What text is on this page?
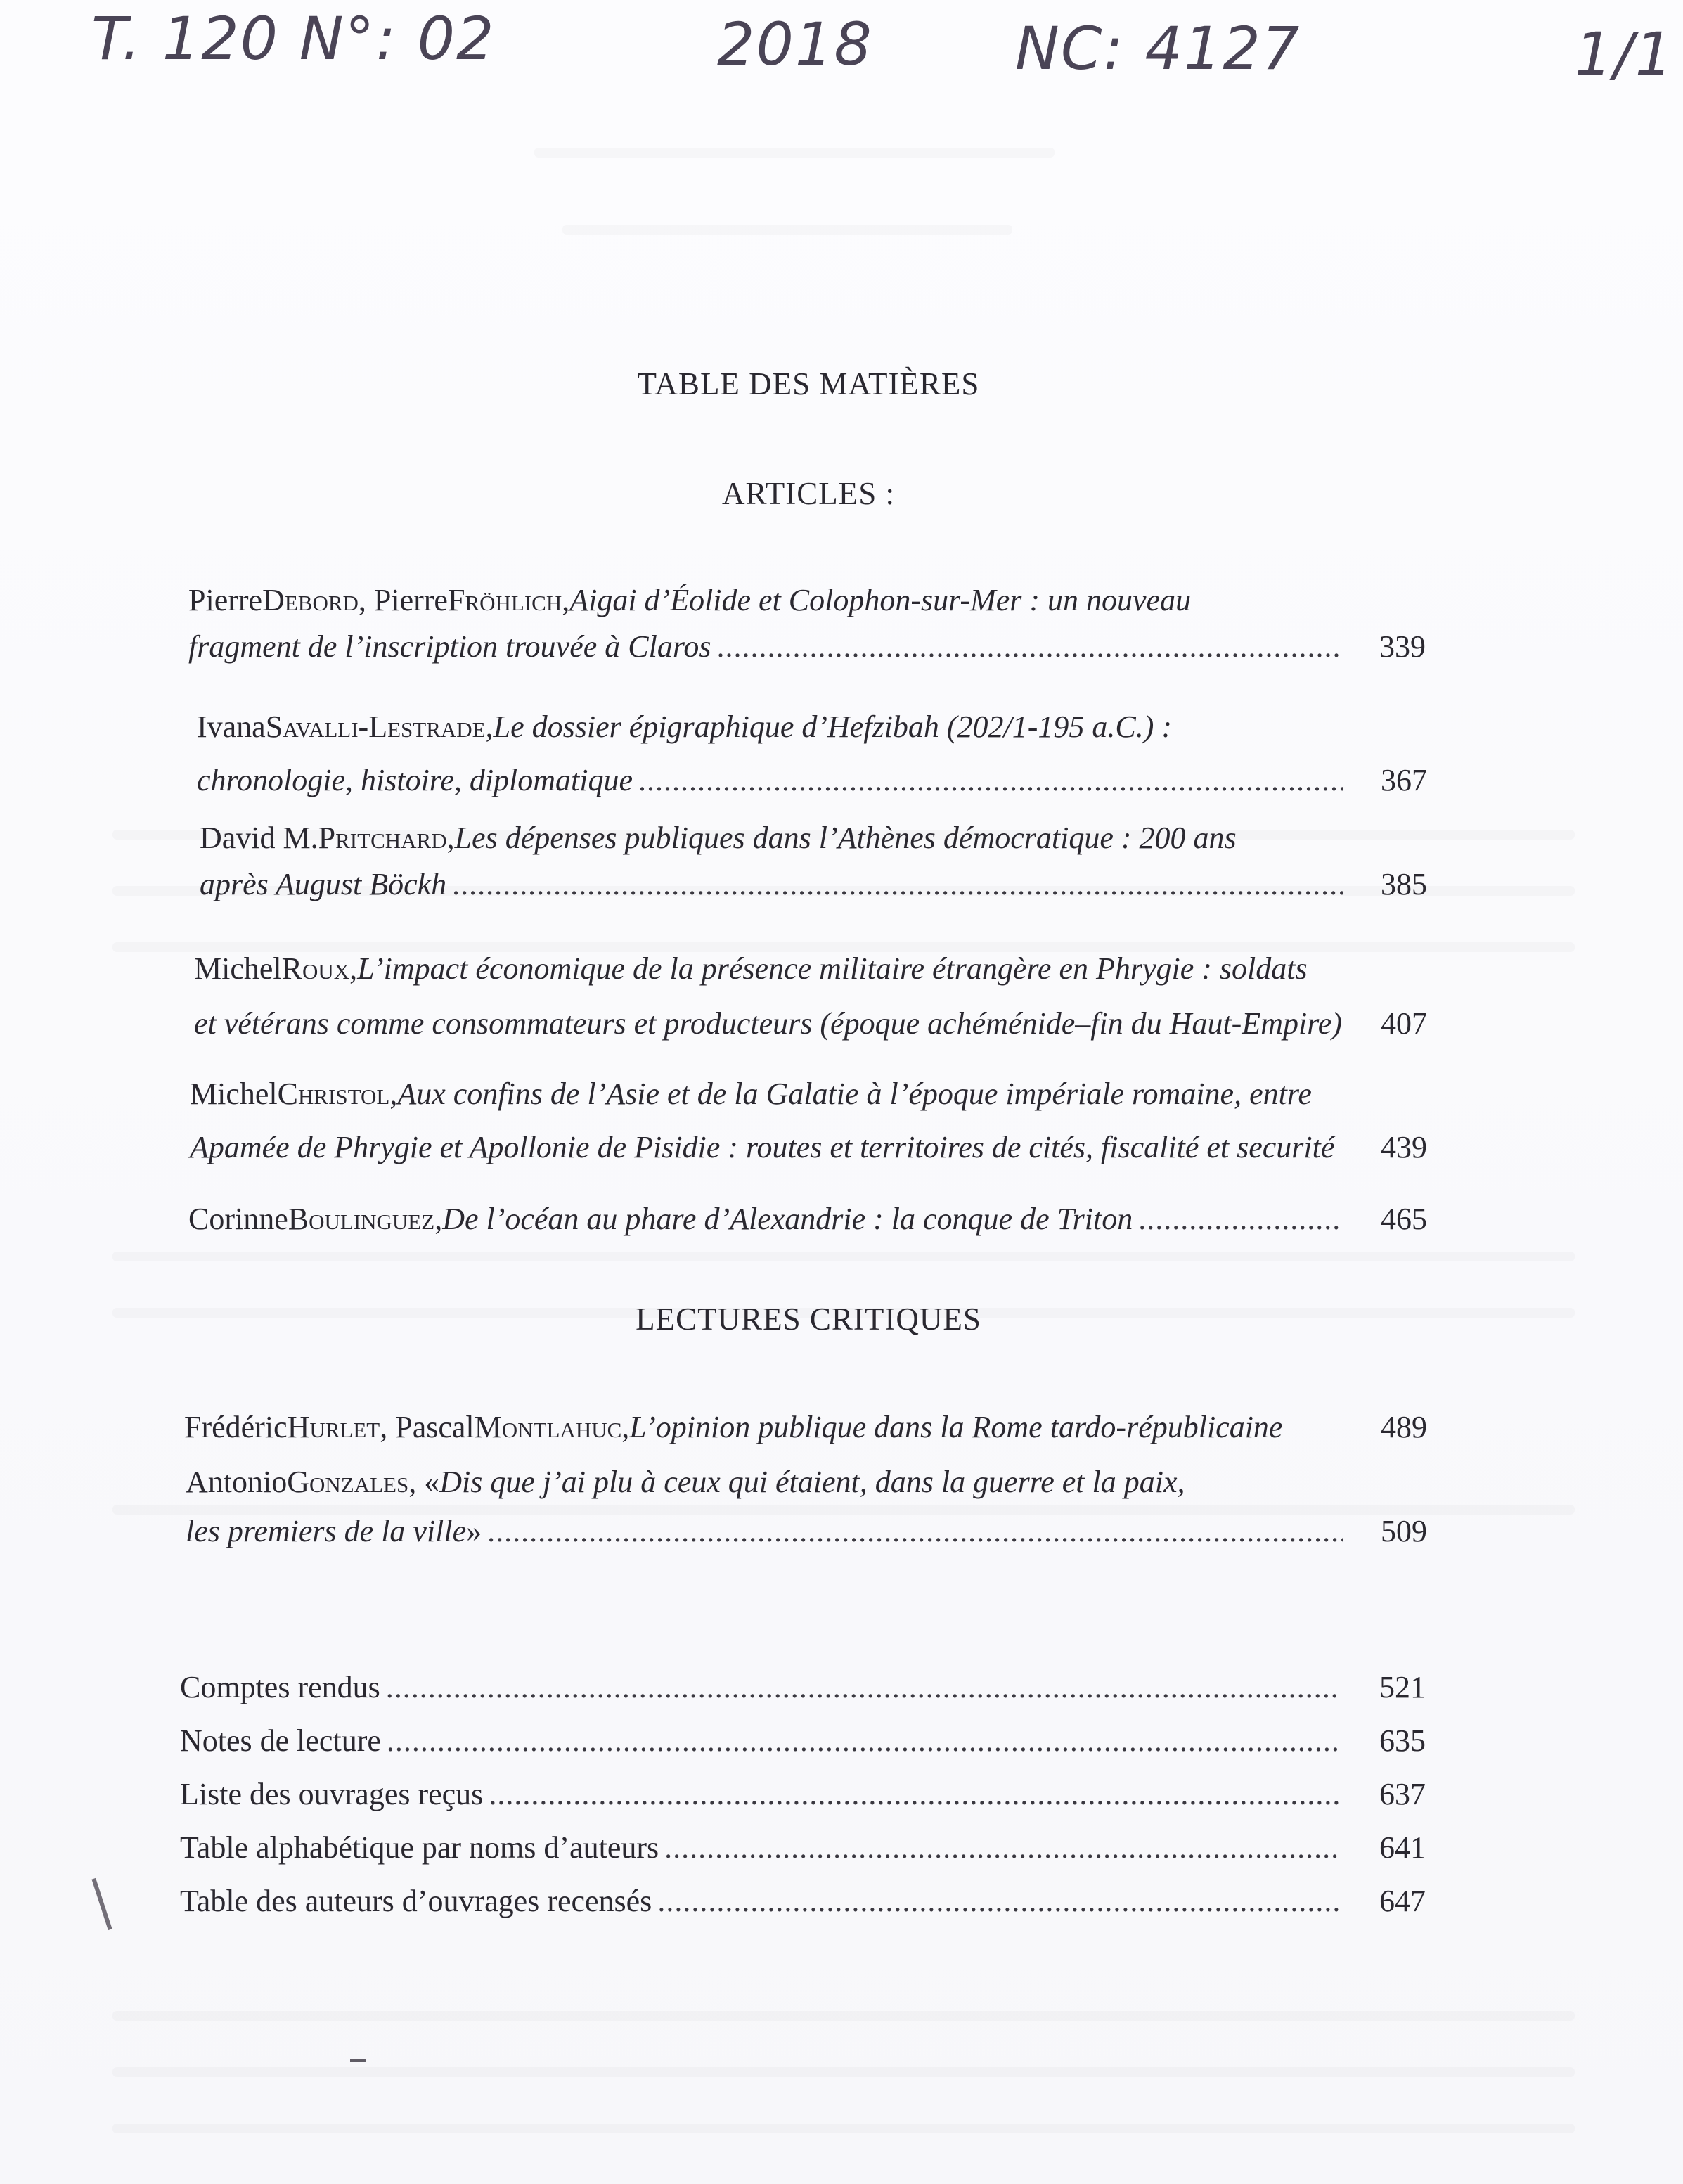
T. 120 N°: 02	2018 NC: 4127	1/1
TABLE DES MATIÈRES
ARTICLES :
LECTURES CRITIQUES
Pierre Debord , Pierre Fröhlich , Aigai d’Éolide et Colophon-sur-Mer : un nouveau
fragment de l’inscription trouvée à Claros .....	339
Ivana Savalli-Lestrade , Le dossier épigraphique d’Hefzibah (202/1-195 a.C.) :
chronologie, histoire, diplomatique .....	367
David M. Pritchard , Les dépenses publiques dans l’Athènes démocratique : 200 ans
après August Böckh .....	385
Michel Roux , L’impact économique de la présence militaire étrangère en Phrygie : soldats
et vétérans comme consommateurs et producteurs (époque achéménide–fin du Haut-Empire)	407
Michel Christol , Aux confins de l’Asie et de la Galatie à l’époque impériale romaine, entre
Apamée de Phrygie et Apollonie de Pisidie : routes et territoires de cités, fiscalité et securité	439
Corinne Boulinguez , De l’océan au phare d’Alexandrie : la conque de Triton .....	465
Frédéric Hurlet , Pascal Montlahuc , L’opinion publique dans la Rome tardo-républicaine	489
Antonio Gonzales , « Dis que j’ai plu à ceux qui étaient, dans la guerre et la paix,
les premiers de la ville » .....	509
Comptes rendus .....	521
Notes de lecture .....	635
Liste des ouvrages reçus .....	637
Table alphabétique par noms d’auteurs .....	641
Table des auteurs d’ouvrages recensés .....	647
